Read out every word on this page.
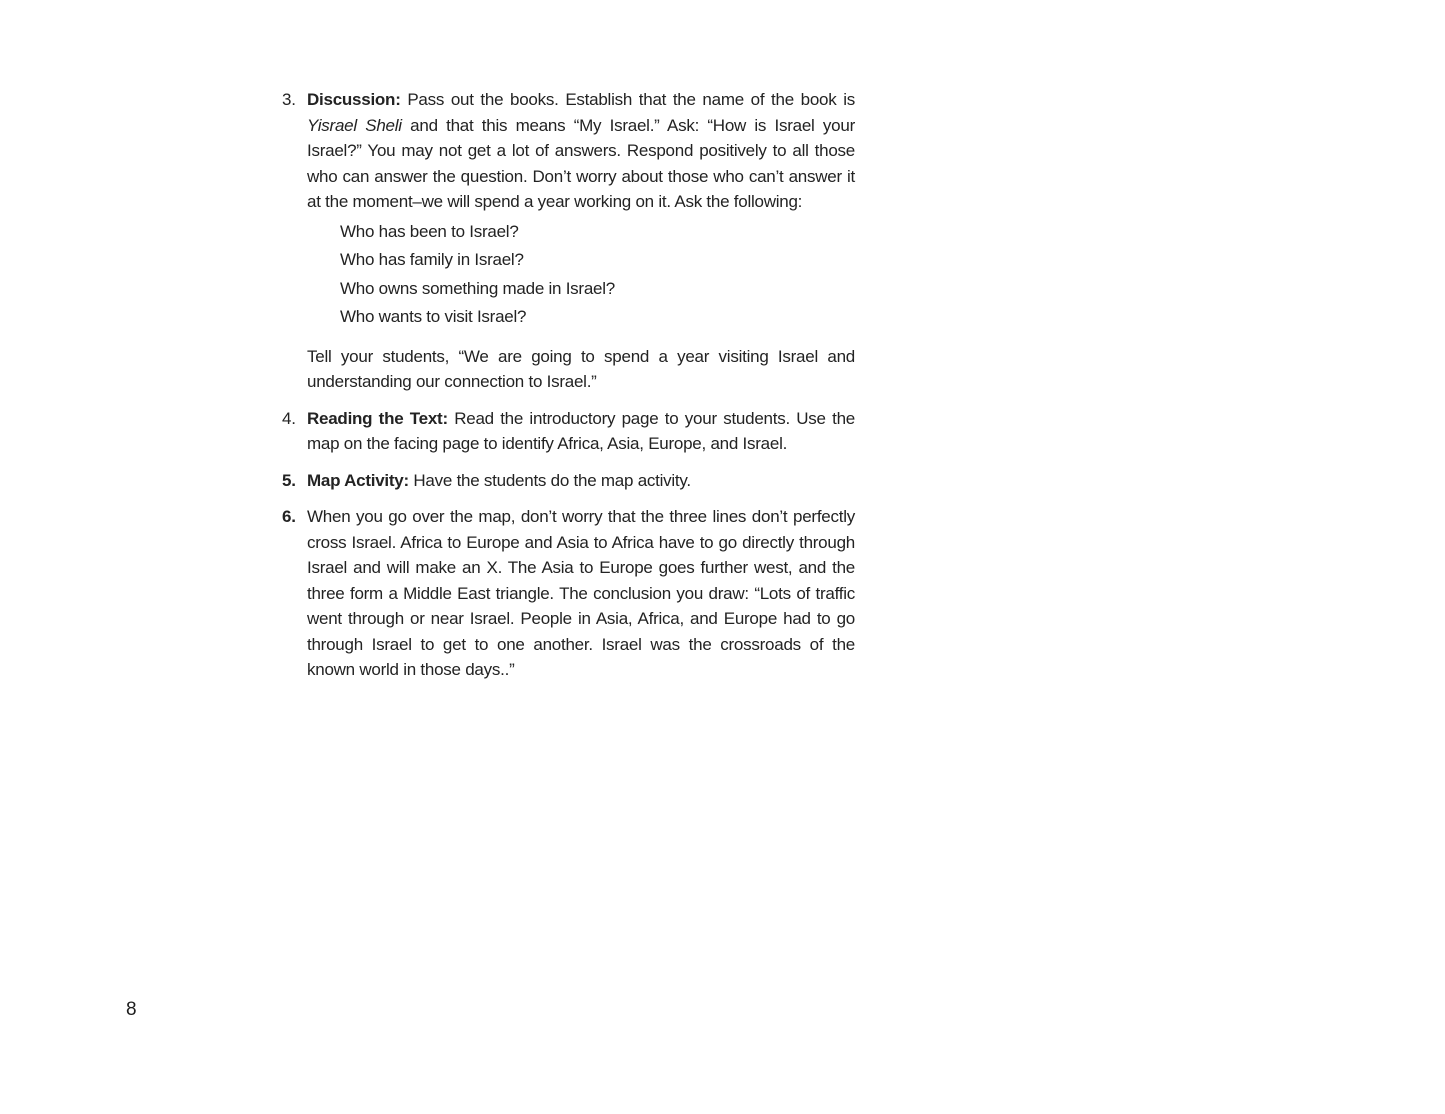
3. Discussion: Pass out the books. Establish that the name of the book is Yisrael Sheli and that this means “My Israel.” Ask: “How is Israel your Israel?” You may not get a lot of answers. Respond positively to all those who can answer the question. Don’t worry about those who can’t answer it at the moment–we will spend a year working on it. Ask the following:

Who has been to Israel?
Who has family in Israel?
Who owns something made in Israel?
Who wants to visit Israel?

Tell your students, “We are going to spend a year visiting Israel and understanding our connection to Israel.”

4. Reading the Text: Read the introductory page to your students. Use the map on the facing page to identify Africa, Asia, Europe, and Israel.

5. Map Activity: Have the students do the map activity.

6. When you go over the map, don’t worry that the three lines don’t perfectly cross Israel. Africa to Europe and Asia to Africa have to go directly through Israel and will make an X. The Asia to Europe goes further west, and the three form a Middle East triangle. The conclusion you draw: “Lots of traffic went through or near Israel. People in Asia, Africa, and Europe had to go through Israel to get to one another. Israel was the crossroads of the known world in those days..”

8
